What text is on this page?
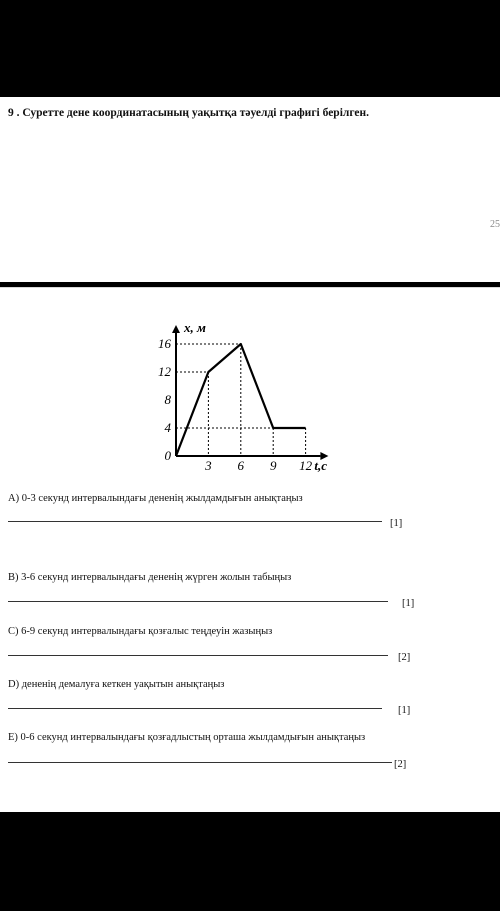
9 . Суретте дене координатасының уақытқа тәуелді графигі берілген.
25
3 6 9 12
4
8
12
16
0
x, м
t,c
A) 0-3 секунд интервалындағы дененің жылдамдығын анықтаңыз
[1]
B) 3-6 секунд интервалындағы дененің жүрген жолын табыңыз
[1]
C) 6-9 секунд интервалындағы қозғалыс теңдеуін жазыңыз
[2]
D) дененің демалуға кеткен уақытын анықтаңыз
[1]
E) 0-6 секунд интервалындағы қозғадлыстың орташа жылдамдығын анықтаңыз
[2]
